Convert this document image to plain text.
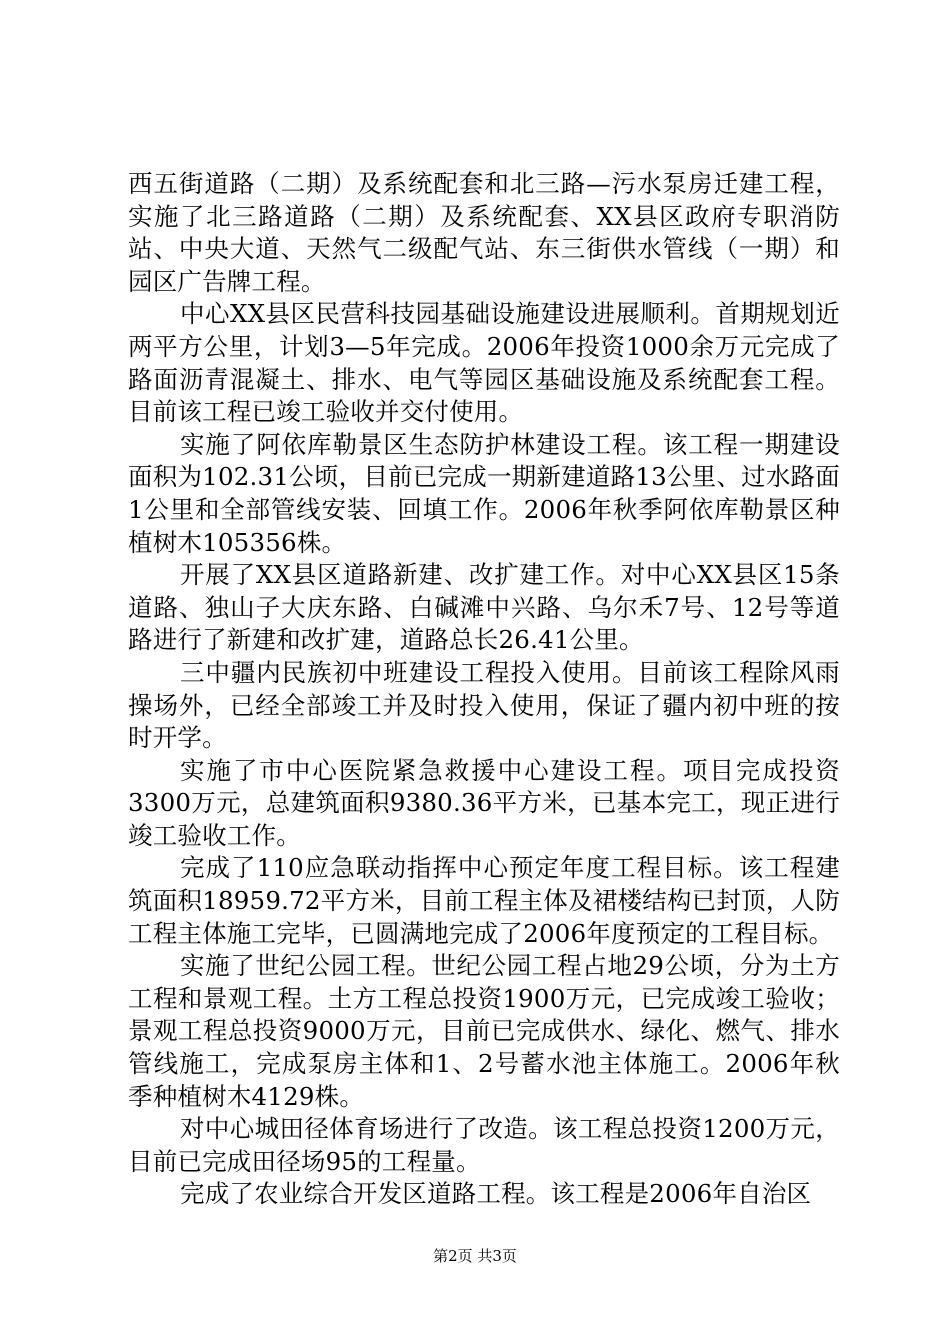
西五街道路（二期）及系统配套和北三路—污水泵房迁建工程，实施了北三路道路（二期）及系统配套、XX县区政府专职消防站、中央大道、天然气二级配气站、东三街供水管线（一期）和园区广告牌工程。

中心XX县区民营科技园基础设施建设进展顺利。首期规划近两平方公里，计划3—5年完成。2006年投资1000余万元完成了路面沥青混凝土、排水、电气等园区基础设施及系统配套工程。目前该工程已竣工验收并交付使用。

实施了阿依库勒景区生态防护林建设工程。该工程一期建设面积为102.31公顷，目前已完成一期新建道路13公里、过水路面1公里和全部管线安装、回填工作。2006年秋季阿依库勒景区种植树木105356株。

开展了XX县区道路新建、改扩建工作。对中心XX县区15条道路、独山子大庆东路、白碱滩中兴路、乌尔禾7号、12号等道路进行了新建和改扩建，道路总长26.41公里。

三中疆内民族初中班建设工程投入使用。目前该工程除风雨操场外，已经全部竣工并及时投入使用，保证了疆内初中班的按时开学。

实施了市中心医院紧急救援中心建设工程。项目完成投资3300万元，总建筑面积9380.36平方米，已基本完工，现正进行竣工验收工作。

完成了110应急联动指挥中心预定年度工程目标。该工程建筑面积18959.72平方米，目前工程主体及裙楼结构已封顶，人防工程主体施工完毕，已圆满地完成了2006年度预定的工程目标。

实施了世纪公园工程。世纪公园工程占地29公顷，分为土方工程和景观工程。土方工程总投资1900万元，已完成竣工验收；景观工程总投资9000万元，目前已完成供水、绿化、燃气、排水管线施工，完成泵房主体和1、2号蓄水池主体施工。2006年秋季种植树木4129株。

对中心城田径体育场进行了改造。该工程总投资1200万元，目前已完成田径场95的工程量。

完成了农业综合开发区道路工程。该工程是2006年自治区

第2页 共3页
